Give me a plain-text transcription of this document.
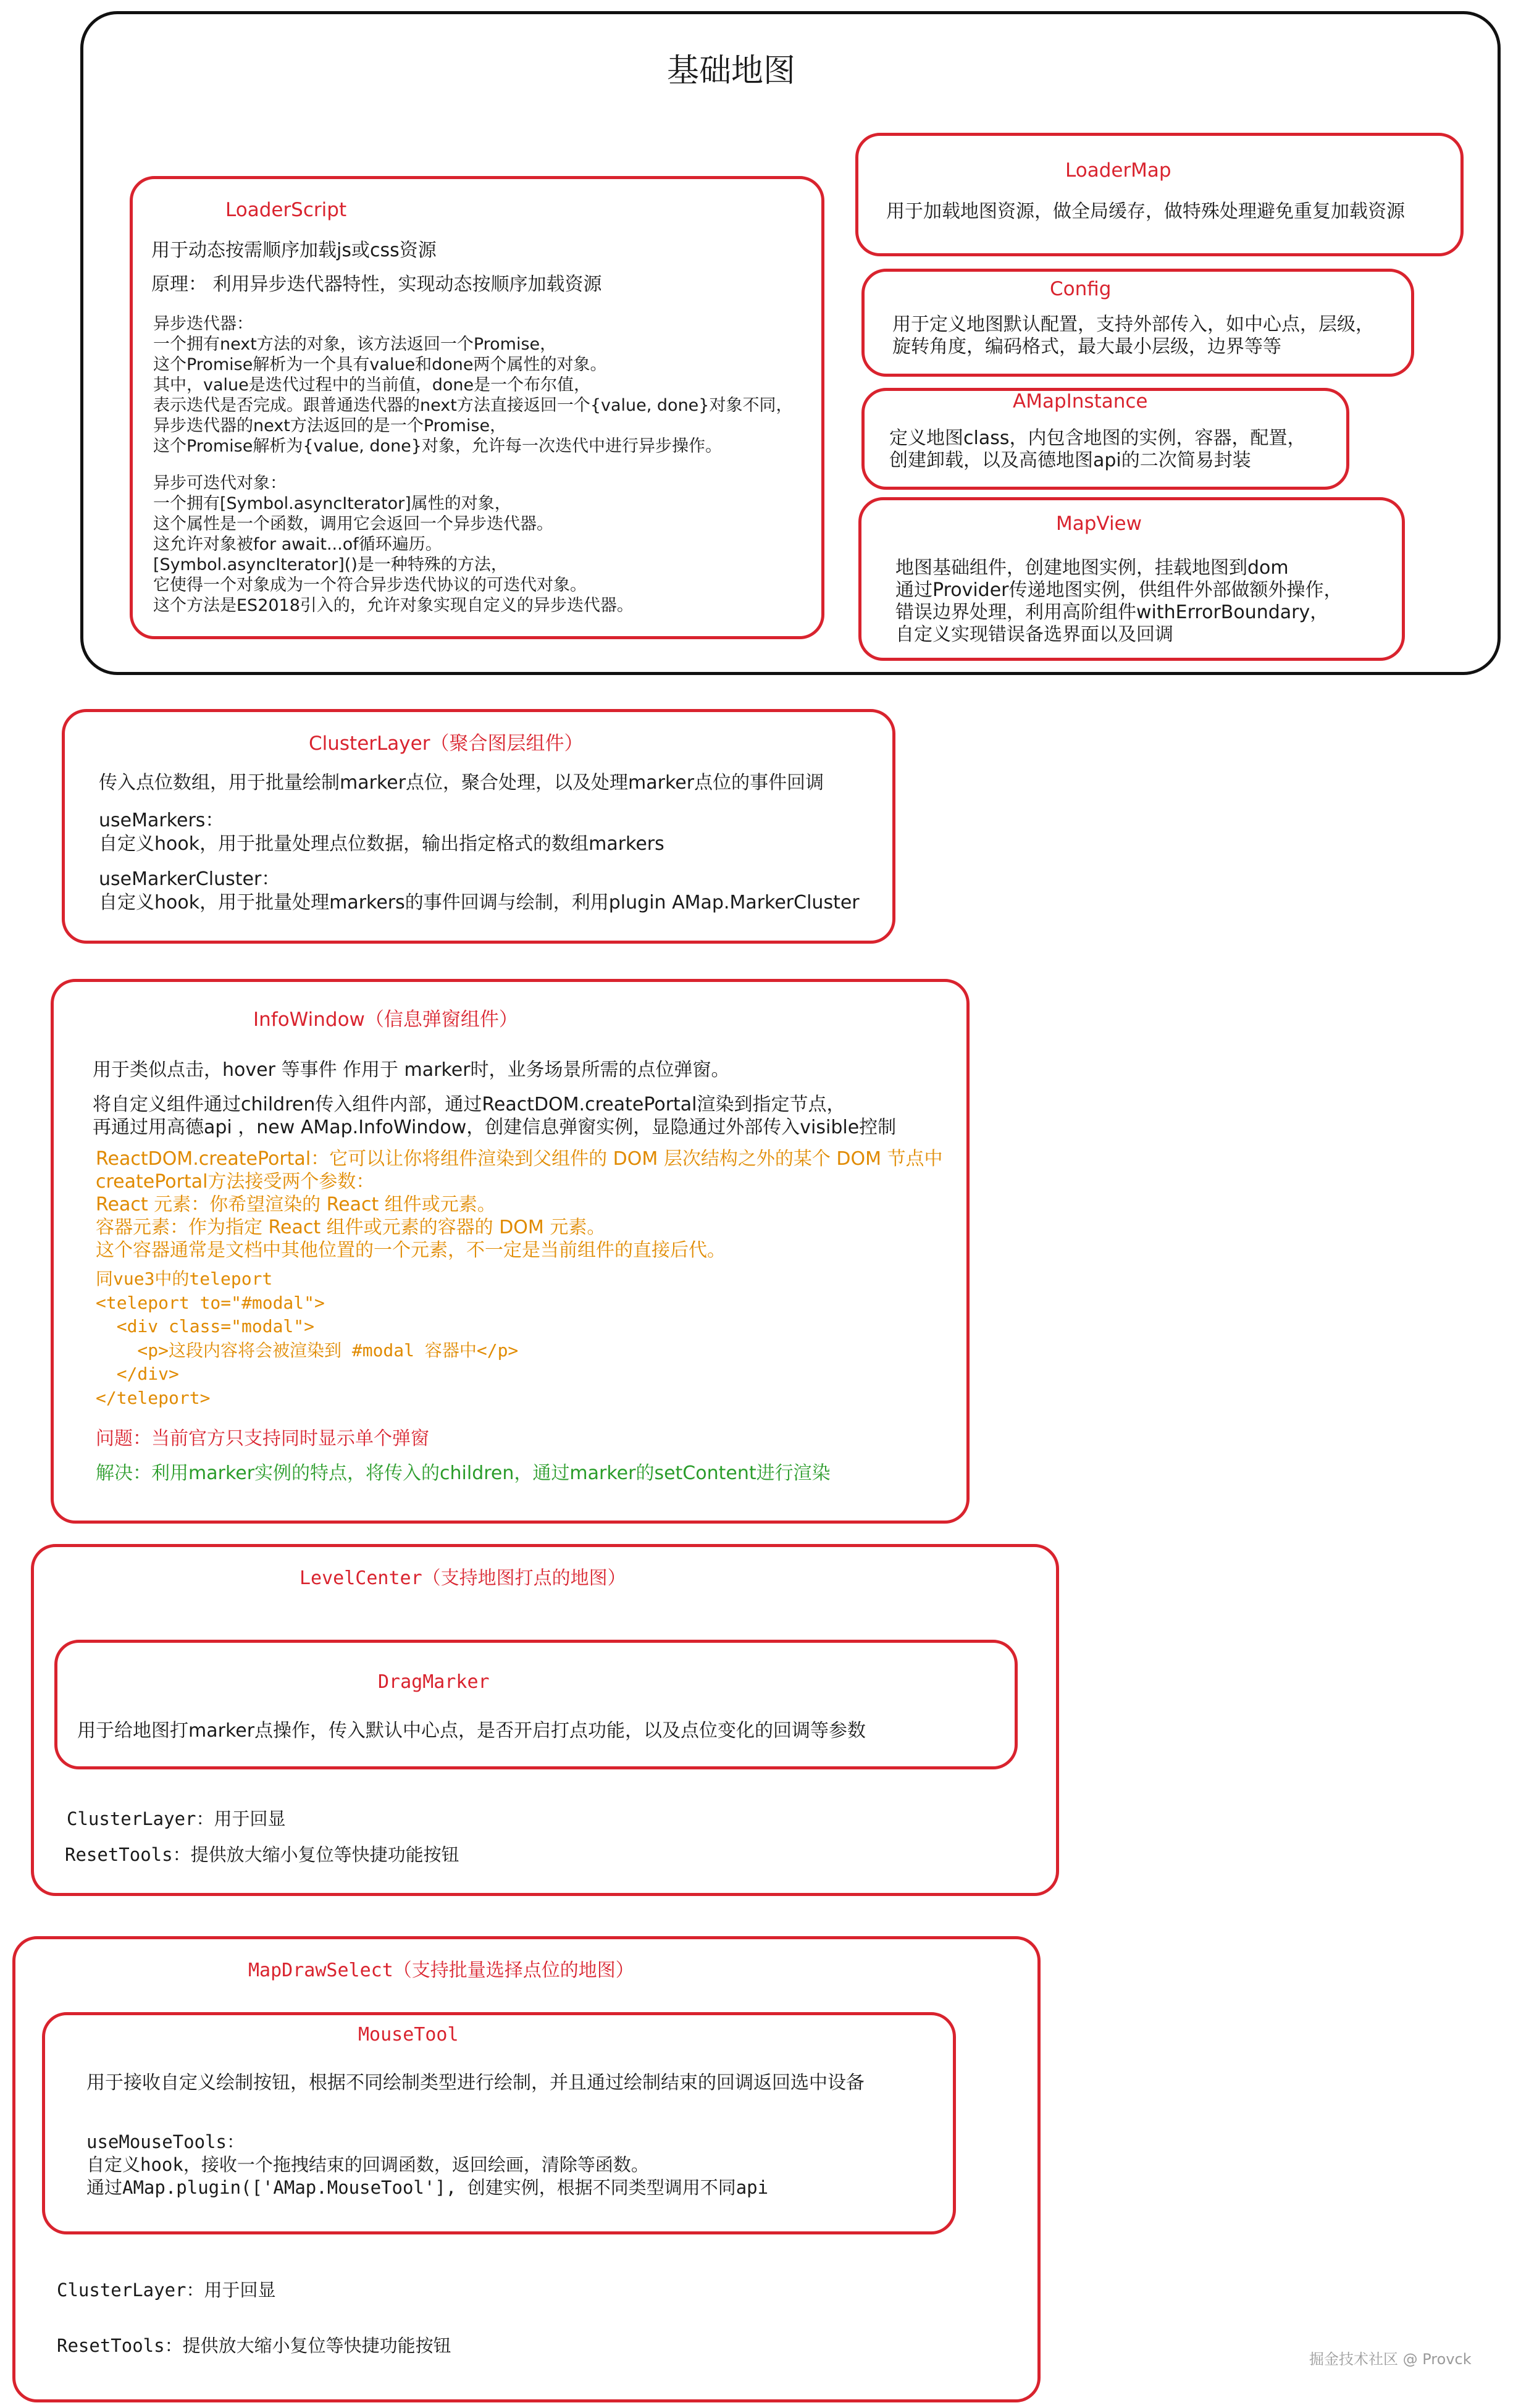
基础地图
LoaderScript
用于动态按需顺序加载js或css资源
原理： 利用异步迭代器特性，实现动态按顺序加载资源
异步迭代器：
一个拥有next方法的对象，该方法返回一个Promise，
这个Promise解析为一个具有value和done两个属性的对象。
其中，value是迭代过程中的当前值，done是一个布尔值，
表示迭代是否完成。跟普通迭代器的next方法直接返回一个{value, done}对象不同，
异步迭代器的next方法返回的是一个Promise，
这个Promise解析为{value, done}对象，允许每一次迭代中进行异步操作。
异步可迭代对象：
一个拥有[Symbol.asyncIterator]属性的对象，
这个属性是一个函数，调用它会返回一个异步迭代器。
这允许对象被for await...of循环遍历。
[Symbol.asyncIterator]()是一种特殊的方法，
它使得一个对象成为一个符合异步迭代协议的可迭代对象。
这个方法是ES2018引入的，允许对象实现自定义的异步迭代器。
LoaderMap
用于加载地图资源，做全局缓存，做特殊处理避免重复加载资源
Config
用于定义地图默认配置，支持外部传入，如中心点，层级，
旋转角度，编码格式，最大最小层级，边界等等
AMapInstance
定义地图class，内包含地图的实例，容器，配置，
创建卸载，以及高德地图api的二次简易封装
MapView
地图基础组件，创建地图实例，挂载地图到dom
通过Provider传递地图实例，供组件外部做额外操作，
错误边界处理，利用高阶组件withErrorBoundary，
自定义实现错误备选界面以及回调
ClusterLayer（聚合图层组件）
传入点位数组，用于批量绘制marker点位，聚合处理，以及处理marker点位的事件回调
useMarkers：
自定义hook，用于批量处理点位数据，输出指定格式的数组markers
useMarkerCluster：
自定义hook，用于批量处理markers的事件回调与绘制，利用plugin AMap.MarkerCluster
InfoWindow（信息弹窗组件）
用于类似点击，hover 等事件 作用于 marker时，业务场景所需的点位弹窗。
将自定义组件通过children传入组件内部，通过ReactDOM.createPortal渲染到指定节点，
再通过用高德api ，new AMap.InfoWindow，创建信息弹窗实例，显隐通过外部传入visible控制
ReactDOM.createPortal：它可以让你将组件渲染到父组件的 DOM 层次结构之外的某个 DOM 节点中
createPortal方法接受两个参数：
React 元素：你希望渲染的 React 组件或元素。
容器元素：作为指定 React 组件或元素的容器的 DOM 元素。
这个容器通常是文档中其他位置的一个元素，不一定是当前组件的直接后代。
同vue3中的teleport
<teleport to="#modal">
<div class="modal">
<p>这段内容将会被渲染到 #modal 容器中</p>
</div>
</teleport>
问题：当前官方只支持同时显示单个弹窗
解决：利用marker实例的特点，将传入的children，通过marker的setContent进行渲染
LevelCenter（支持地图打点的地图）
DragMarker
用于给地图打marker点操作，传入默认中心点，是否开启打点功能，以及点位变化的回调等参数
ClusterLayer：用于回显
ResetTools：提供放大缩小复位等快捷功能按钮
MapDrawSelect（支持批量选择点位的地图）
MouseTool
用于接收自定义绘制按钮，根据不同绘制类型进行绘制，并且通过绘制结束的回调返回选中设备
useMouseTools：
自定义hook，接收一个拖拽结束的回调函数，返回绘画，清除等函数。
通过AMap.plugin(['AMap.MouseTool'], 创建实例，根据不同类型调用不同api
ClusterLayer：用于回显
ResetTools：提供放大缩小复位等快捷功能按钮
掘金技术社区 @ Provck
